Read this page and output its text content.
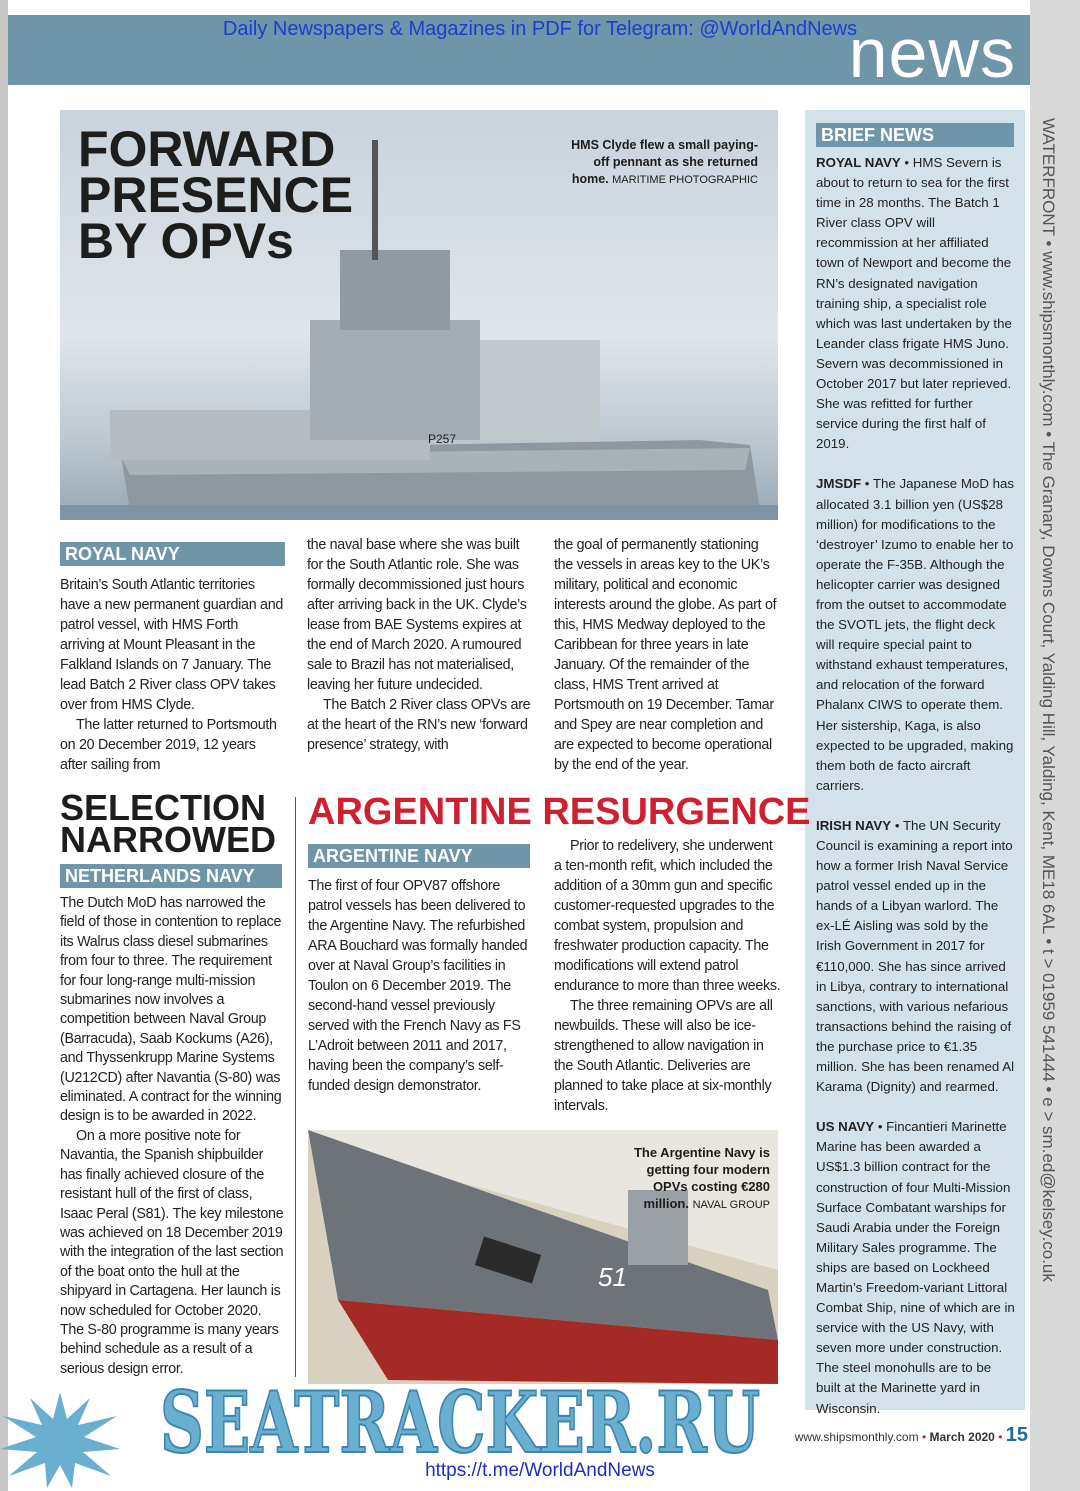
WATERFRONT • www.shipsmonthly.com • The Granary, Downs Court, Yalding Hill, Yalding, Kent, ME18 6AL • t > 01959 541444 • e > sm.ed@kelsey.co.uk
Daily Newspapers & Magazines in PDF for Telegram: @WorldAndNews
news
P257
FORWARD
PRESENCE
BY OPVs
HMS Clyde flew a small paying-off pennant as she returned home. MARITIME PHOTOGRAPHIC
ROYAL NAVY

Britain’s South Atlantic territories have a new permanent guardian and patrol vessel, with HMS Forth arriving at Mount Pleasant in the Falkland Islands on 7 January. The lead Batch 2 River class OPV takes over from HMS Clyde.

The latter returned to Portsmouth on 20 December 2019, 12 years after sailing from

the naval base where she was built for the South Atlantic role. She was formally decommissioned just hours after arriving back in the UK. Clyde’s lease from BAE Systems expires at the end of March 2020. A rumoured sale to Brazil has not materialised, leaving her future undecided.

The Batch 2 River class OPVs are at the heart of the RN’s new ‘forward presence’ strategy, with

the goal of permanently stationing the vessels in areas key to the UK’s military, political and economic interests around the globe. As part of this, HMS Medway deployed to the Caribbean for three years in late January. Of the remainder of the class, HMS Trent arrived at Portsmouth on 19 December. Tamar and Spey are near completion and are expected to become operational by the end of the year.

SELECTION
NARROWED
NETHERLANDS NAVY

The Dutch MoD has narrowed the field of those in contention to replace its Walrus class diesel submarines from four to three. The requirement for four long-range multi-mission submarines now involves a competition between Naval Group (Barracuda), Saab Kockums (A26), and Thyssenkrupp Marine Systems (U212CD) after Navantia (S-80) was eliminated. A contract for the winning design is to be awarded in 2022.

On a more positive note for Navantia, the Spanish shipbuilder has finally achieved closure of the resistant hull of the first of class, Isaac Peral (S81). The key milestone was achieved on 18 December 2019 with the integration of the last section of the boat onto the hull at the shipyard in Cartagena. Her launch is now scheduled for October 2020. The S-80 programme is many years behind schedule as a result of a serious design error.

ARGENTINE RESURGENCE
ARGENTINE NAVY

The first of four OPV87 offshore patrol vessels has been delivered to the Argentine Navy. The refurbished ARA Bouchard was formally handed over at Naval Group’s facilities in Toulon on 6 December 2019. The second-hand vessel previously served with the French Navy as FS L’Adroit between 2011 and 2017, having been the company’s self-funded design demonstrator.

Prior to redelivery, she underwent a ten-month refit, which included the addition of a 30mm gun and specific customer-requested upgrades to the combat system, propulsion and freshwater production capacity. The modifications will extend patrol endurance to more than three weeks.

The three remaining OPVs are all newbuilds. These will also be ice-strengthened to allow navigation in the South Atlantic. Deliveries are planned to take place at six-monthly intervals.

51
The Argentine Navy is getting four modern OPVs costing €280 million. NAVAL GROUP
BRIEF NEWS

ROYAL NAVY • HMS Severn is about to return to sea for the first time in 28 months. The Batch 1 River class OPV will recommission at her affiliated town of Newport and become the RN’s designated navigation training ship, a specialist role which was last undertaken by the Leander class frigate HMS Juno. Severn was decommissioned in October 2017 but later reprieved. She was refitted for further service during the first half of 2019.

JMSDF • The Japanese MoD has allocated 3.1 billion yen (US$28 million) for modifications to the ‘destroyer’ Izumo to enable her to operate the F-35B. Although the helicopter carrier was designed from the outset to accommodate the SVOTL jets, the flight deck will require special paint to withstand exhaust temperatures, and relocation of the forward Phalanx CIWS to operate them. Her sistership, Kaga, is also expected to be upgraded, making them both de facto aircraft carriers.

IRISH NAVY • The UN Security Council is examining a report into how a former Irish Naval Service patrol vessel ended up in the hands of a Libyan warlord. The ex-LÉ Aisling was sold by the Irish Government in 2017 for €110,000. She has since arrived in Libya, contrary to international sanctions, with various nefarious transactions behind the raising of the purchase price to €1.35 million. She has been renamed Al Karama (Dignity) and rearmed.

US NAVY • Fincantieri Marinette Marine has been awarded a US$1.3 billion contract for the construction of four Multi-Mission Surface Combatant warships for Saudi Arabia under the Foreign Military Sales programme. The ships are based on Lockheed Martin’s Freedom-variant Littoral Combat Ship, nine of which are in service with the US Navy, with seven more under construction. The steel monohulls are to be built at the Marinette yard in Wisconsin.

SEATRACKER.RU	www.shipsmonthly.com • March 2020 • 15
https://t.me/WorldAndNews
